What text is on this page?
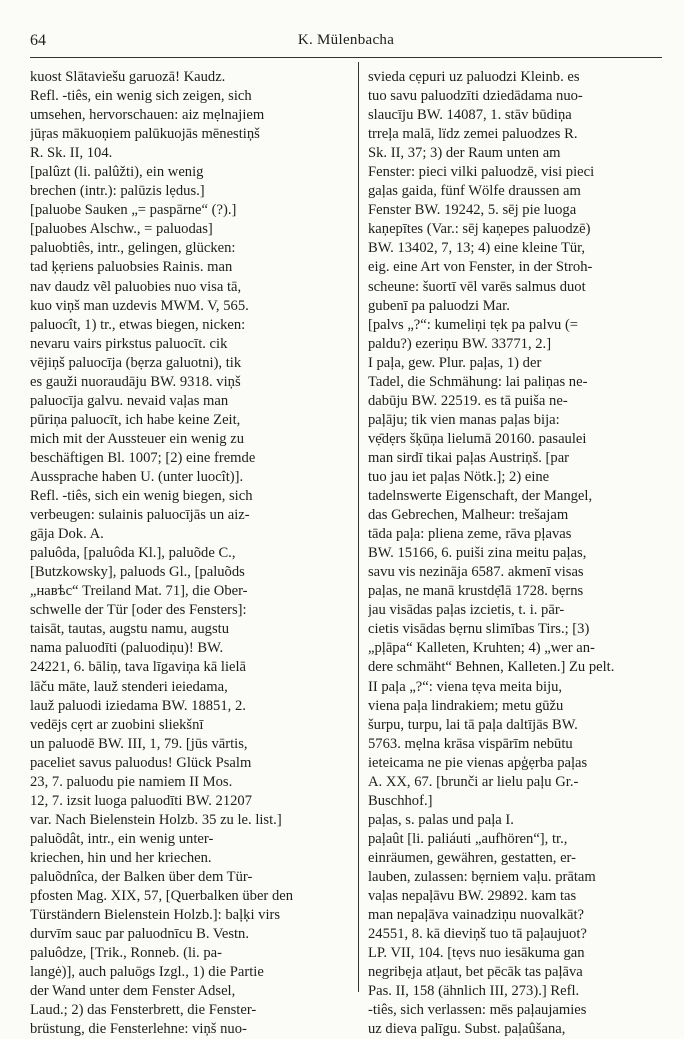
64	K. Mülenbacha
kuost Slātaviešu garuozā! Kaudz.
Refl. -tiês, ein wenig sich zeigen, sich
umsehen, hervorschauen: aiz mẹlnajiem
jūŗas mākuoņiem palūkuojās mēnestiņš
R. Sk. II, 104.
[palûzt (li. palûžti), ein wenig
brechen (intr.): palūzis lẹdus.]
[paluobe Sauken „= paspārne“ (?).]
[paluobes Alschw., = paluodas]
paluobtiês, intr., gelingen, glücken:
tad ķẹriens paluobsies Rainis. man
nav daudz vẽl paluobies nuo visa tā,
kuo viņš man uzdevis MWM. V, 565.
paluocît, 1) tr., etwas biegen, nicken:
nevaru vairs pirkstus paluocīt. cik
vējiņš paluocīja (bẹrza galuotni), tik
es gauži nuoraudāju BW. 9318. viņš
paluocīja galvu. nevaid vaļas man
pūriņa paluocīt, ich habe keine Zeit,
mich mit der Aussteuer ein wenig zu
beschäftigen Bl. 1007; [2) eine fremde
Aussprache haben U. (unter luocît)].
Refl. -tiês, sich ein wenig biegen, sich
verbeugen: sulainis paluocījās un aiz-
gāja Dok. A.
paluôda, [paluôda Kl.], paluõde C.,
[Butzkowsky], paluods Gl., [paluõds
„навѣс“ Treiland Mat. 71], die Ober-
schwelle der Tür [oder des Fensters]:
taisāt, tautas, augstu namu, augstu
nama paluodīti (paluodiņu)! BW.
24221, 6. bāliņ, tava līgaviņa kā lielā
lāču māte, lauž stenderi ieiedama,
lauž paluodi iziedama BW. 18851, 2.
vedējs cẹrt ar zuobini sliekšnī
un paluodē BW. III, 1, 79. [jūs vārtis,
paceliet savus paluodus! Glück Psalm
23, 7. paluodu pie namiem II Mos.
12, 7. izsit luoga paluodīti BW. 21207
var. Nach Bielenstein Holzb. 35 zu le. list.]
paluõdât, intr., ein wenig unter-
kriechen, hin und her kriechen.
paluõdnîca, der Balken über dem Tür-
pfosten Mag. XIX, 57, [Querbalken über den
Türständern Bielenstein Holzb.]: baļķi virs
durvīm sauc par paluodnīcu B. Vestn.
paluôdze, [Trik., Ronneb. (li. pa-
langė)], auch paluōgs Izgl., 1) die Partie
der Wand unter dem Fenster Adsel,
Laud.; 2) das Fensterbrett, die Fenster-
brüstung, die Fensterlehne: viņš nuo-
svieda cẹpuri uz paluodzi Kleinb. es
tuo savu paluodzīti dziedādama nuo-
slaucīju BW. 14087, 1. stāv būdiņa
trreļa malā, lïdz zemei paluodzes R.
Sk. II, 37; 3) der Raum unten am
Fenster: pieci vilki paluodzē, visi pieci
gaļas gaida, fünf Wölfe draussen am
Fenster BW. 19242, 5. sēj pie luoga
kaņepītes (Var.: sēj kaņepes paluodzē)
BW. 13402, 7, 13; 4) eine kleine Tür,
eig. eine Art von Fenster, in der Stroh-
scheune: šuortī vēl varēs salmus duot
gubenī pa paluodzi Mar.
[palvs „?“: kumeliņi tẹk pa palvu (=
paldu?) ezeriņu BW. 33771, 2.]
I paļa, gew. Plur. paļas, 1) der
Tadel, die Schmähung: lai paliņas ne-
dabūju BW. 22519. es tā puiša ne-
paļāju; tik vien manas paļas bija:
vẹ̄dẹrs šķūņa lielumā 20160. pasaulei
man sirdī tikai paļas Austriņš. [par
tuo jau iet paļas Nötk.]; 2) eine
tadelnswerte Eigenschaft, der Mangel,
das Gebrechen, Malheur: trešajam
tāda paļa: pliena zeme, rāva pļavas
BW. 15166, 6. puiši zina meitu paļas,
savu vis nezināja 6587. akmenī visas
paļas, ne manā krustdẹ̄lā 1728. bẹrns
jau visādas paļas izcietis, t. i. pār-
cietis visādas bẹrnu slimības Tirs.; [3)
„pļāpa“ Kalleten, Kruhten; 4) „wer an-
dere schmäht“ Behnen, Kalleten.] Zu pelt.
II paļa „?“: viena tẹva meita biju,
viena paļa lindrakiem; metu gūžu
šurpu, turpu, lai tā paļa daltījās BW.
5763. mẹlna krāsa vispārīm nebūtu
ieteicama ne pie vienas apģẹrba paļas
A. XX, 67. [brunči ar lielu paļu Gr.-
Buschhof.]
paļas, s. palas und paļa I.
paļaût [li. paliáuti „aufhören“], tr.,
einräumen, gewähren, gestatten, er-
lauben, zulassen: bẹrniem vaļu. prātam
vaļas nepaļāvu BW. 29892. kam tas
man nepaļāva vainadziņu nuovalkāt?
24551, 8. kā dieviņš tuo tā paļaujuot?
LP. VII, 104. [tẹvs nuo iesākuma gan
negribẹja atļaut, bet pēcāk tas paļāva
Pas. II, 158 (ähnlich III, 273).] Refl.
-tiês, sich verlassen: mēs paļaujamies
uz dieva palīgu. Subst. paļaûšana,
